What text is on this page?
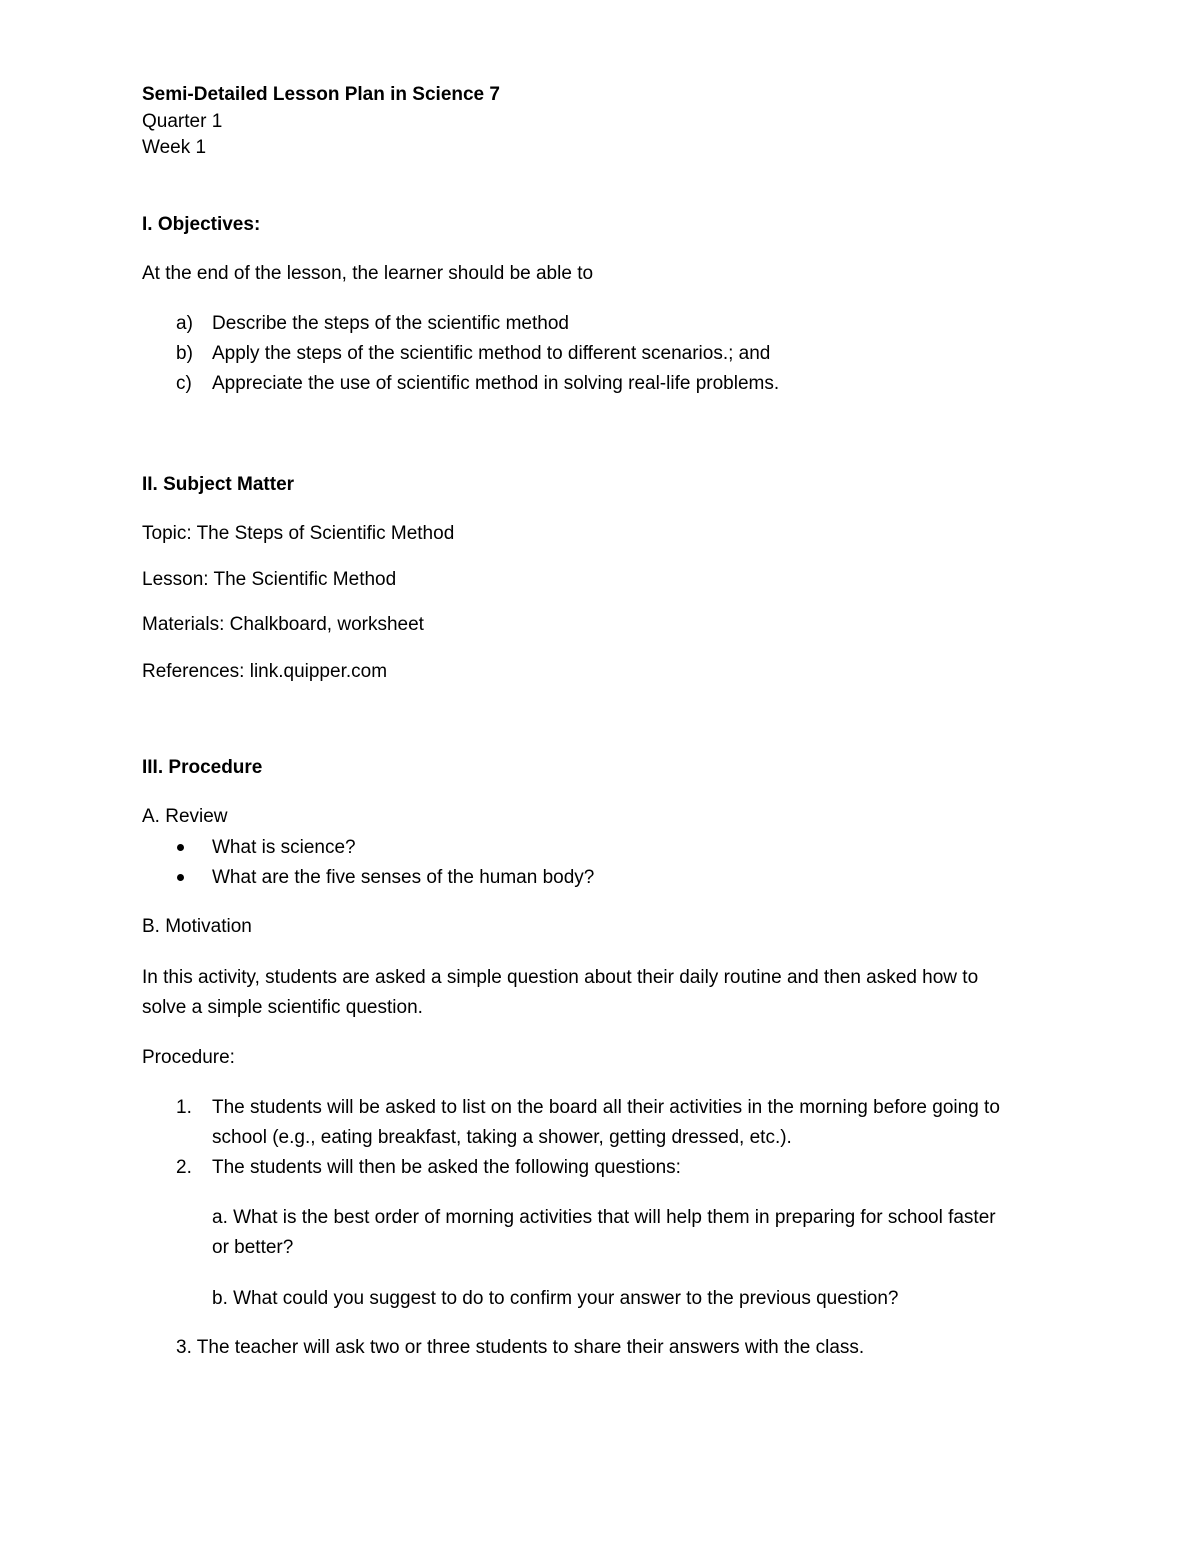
Semi-Detailed Lesson Plan in Science 7
Quarter 1
Week 1
I. Objectives:
At the end of the lesson, the learner should be able to
a) Describe the steps of the scientific method
b) Apply the steps of the scientific method to different scenarios.; and
c) Appreciate the use of scientific method in solving real-life problems.
II. Subject Matter
Topic: The Steps of Scientific Method
Lesson: The Scientific Method
Materials: Chalkboard, worksheet
References: link.quipper.com
III. Procedure
A. Review
What is science?
What are the five senses of the human body?
B. Motivation
In this activity, students are asked a simple question about their daily routine and then asked how to
solve a simple scientific question.
Procedure:
1. The students will be asked to list on the board all their activities in the morning before going to
school (e.g., eating breakfast, taking a shower, getting dressed, etc.).
2. The students will then be asked the following questions:
a. What is the best order of morning activities that will help them in preparing for school faster
or better?
b. What could you suggest to do to confirm your answer to the previous question?
3. The teacher will ask two or three students to share their answers with the class.
